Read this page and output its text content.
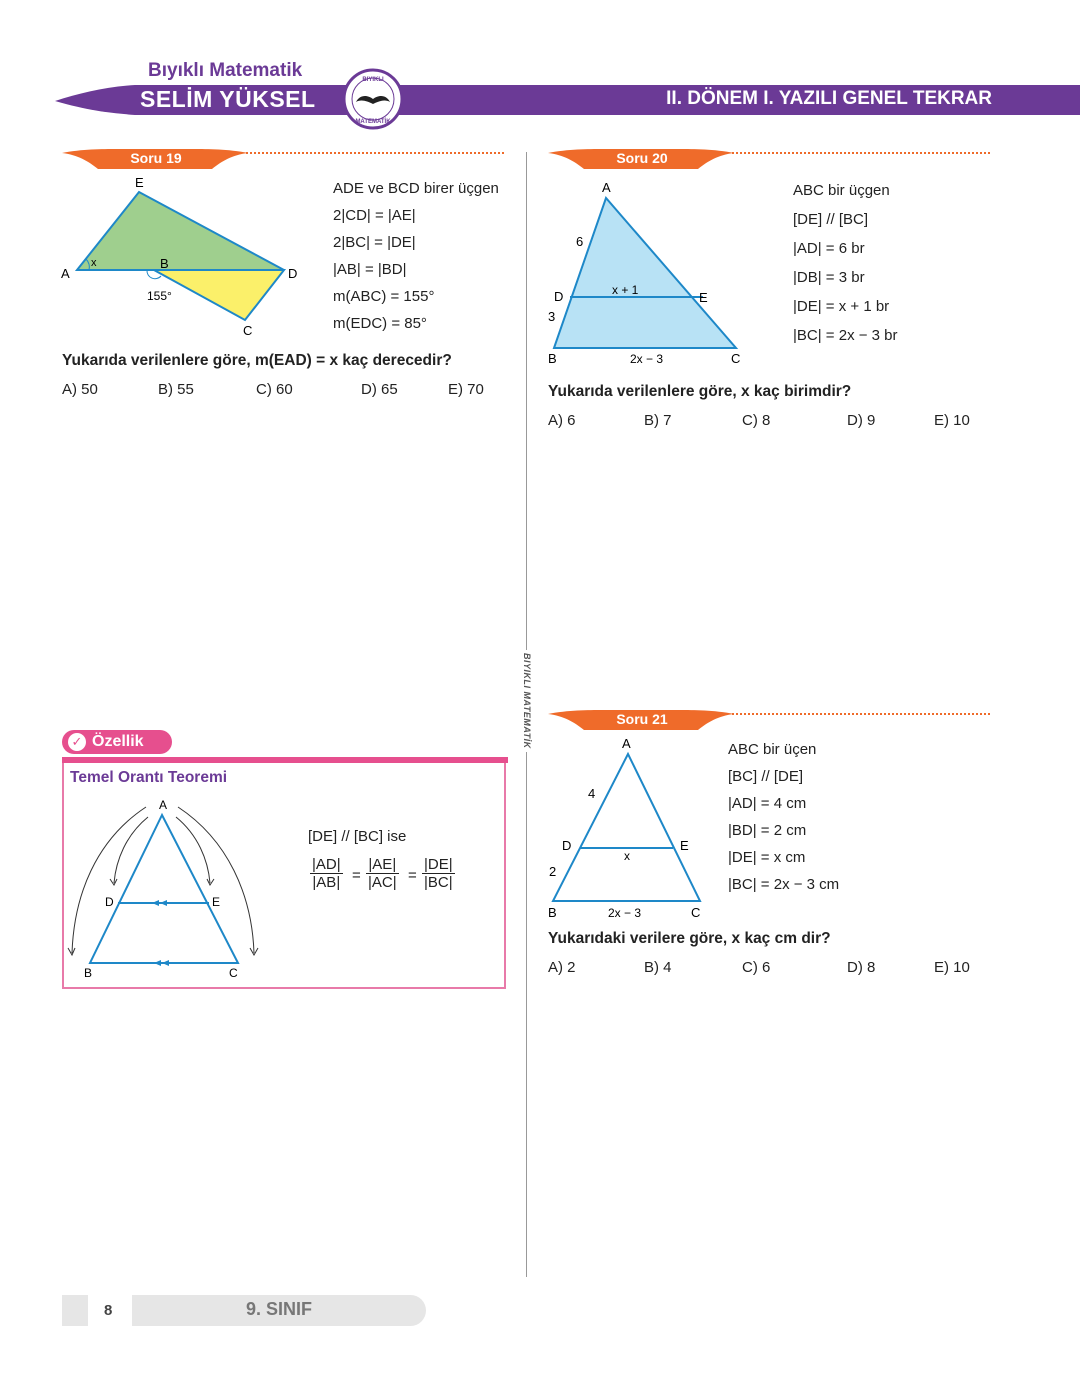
Bıyıklı Matematik
SELİM YÜKSEL
BIYIKLI
MATEMATİK
II. DÖNEM I. YAZILI GENEL TEKRAR
BIYIKLI MATEMATİK
Soru 19
E
A
x	B
D
155°
C
ADE ve BCD birer üçgen
2|CD| = |AE|
2|BC| = |DE|
|AB| = |BD|
m(ABC) = 155°
m(EDC) = 85°
Yukarıda verilenlere göre, m(EAD) = x kaç derecedir?
A) 50	B) 55	C) 60	D) 65	E) 70
Soru 20
A
6
D
3
x + 1	E
B	2x − 3	C
ABC bir üçgen
[DE] // [BC]
|AD| = 6 br
|DB| = 3 br
|DE| = x + 1 br
|BC| = 2x − 3 br
Yukarıda verilenlere göre, x kaç birimdir?
A) 6	B) 7	C) 8	D) 9	E) 10
Soru 21
A
4
D
x
E
2
B	2x − 3	C
ABC bir üçen
[BC] // [DE]
|AD| = 4 cm
|BD| = 2 cm
|DE| = x cm
|BC| = 2x − 3 cm
Yukarıdaki verilere göre, x kaç cm dir?
A) 2	B) 4	C) 6	D) 8	E) 10
✓ Özellik
Temel Orantı Teoremi
A
D	E
B	C
[DE] // [BC] ise
$\frac{|AD|}{|AB|} = \frac{|AE|}{|AC|} = \frac{|DE|}{|BC|}$
8	9. SINIF
